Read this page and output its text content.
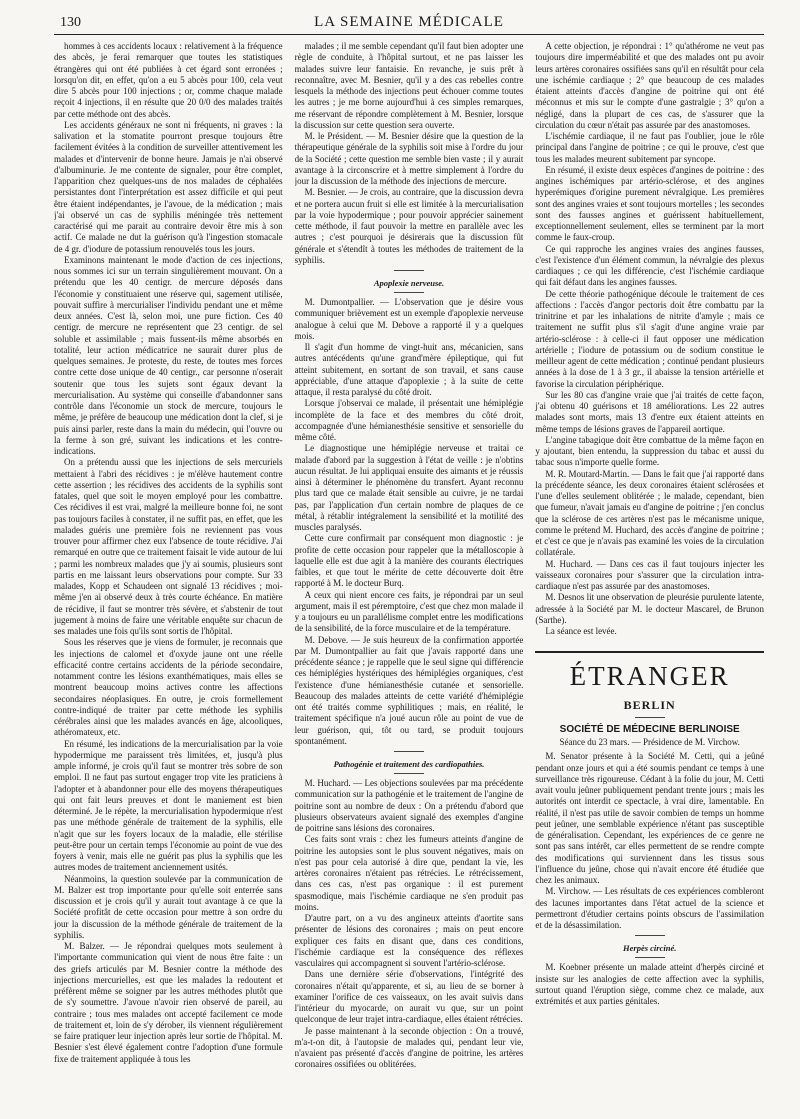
130	LA SEMAINE MÉDICALE

hommes à ces accidents locaux : relativement à la fréquence des abcès, je ferai remarquer que toutes les statistiques étrangères qui ont été publiées à cet égard sont erronées ; lorsqu'on dit, en effet, qu'on a eu 5 abcès pour 100, cela veut dire 5 abcès pour 100 injections ; or, comme chaque malade reçoit 4 injections, il en résulte que 20 0/0 des malades traités par cette méthode ont des abcès.

Les accidents généraux ne sont ni fréquents, ni graves : la salivation et la stomatite pourront presque toujours être facilement évitées à la condition de surveiller attentivement les malades et d'intervenir de bonne heure. Jamais je n'ai observé d'albuminurie. Je me contente de signaler, pour être complet, l'apparition chez quelques-uns de nos malades de céphalées persistantes dont l'interprétation est assez difficile et qui peut être étaient indépendantes, je l'avoue, de la médication ; mais j'ai observé un cas de syphilis méningée très nettement caractérisé qui me parait au contraire devoir être mis à son actif. Ce malade ne dut la guérison qu'à l'ingestion stomacale de 4 gr. d'iodure de potassium renouvelés tous les jours.

Examinons maintenant le mode d'action de ces injections, nous sommes ici sur un terrain singulièrement mouvant. On a prétendu que les 40 centigr. de mercure déposés dans l'économie y constituaient une réserve qui, sagement utilisée, pouvait suffire à mercurialiser l'individu pendant une et même deux années. C'est là, selon moi, une pure fiction. Ces 40 centigr. de mercure ne représentent que 23 centigr. de sel soluble et assimilable ; mais fussent-ils même absorbés en totalité, leur action médicatrice ne saurait durer plus de quelques semaines. Je proteste, du reste, de toutes mes forces contre cette dose unique de 40 centigr., car personne n'oserait soutenir que tous les sujets sont égaux devant la mercurialisation. Au système qui conseille d'abandonner sans contrôle dans l'économie un stock de mercure, toujours le même, je préfère de beaucoup une médication dont la clef, si je puis ainsi parler, reste dans la main du médecin, qui l'ouvre ou la ferme à son gré, suivant les indications et les contre-indications.

On a prétendu aussi que les injections de sels mercuriels mettaient à l'abri des récidives : je m'élève hautement contre cette assertion ; les récidives des accidents de la syphilis sont fatales, quel que soit le moyen employé pour les combattre. Ces récidives il est vrai, malgré la meilleure bonne foi, ne sont pas toujours faciles à constater, il ne suffit pas, en effet, que les malades guéris une première fois ne reviennent pas vous trouver pour affirmer chez eux l'absence de toute récidive. J'ai remarqué en outre que ce traitement faisait le vide autour de lui ; parmi les nombreux malades que j'y ai soumis, plusieurs sont partis en me laissant leurs observations pour compte. Sur 33 malades, Kopp et Schaudeen ont signalé 13 récidives ; moi-même j'en ai observé deux à très courte échéance. En matière de récidive, il faut se montrer très sévère, et s'abstenir de tout jugement à moins de faire une véritable enquête sur chacun de ses malades une fois qu'ils sont sortis de l'hôpital.

Sous les réserves que je viens de formuler, je reconnais que les injections de calomel et d'oxyde jaune ont une réelle efficacité contre certains accidents de la période secondaire, notamment contre les lésions exanthématiques, mais elles se montrent beaucoup moins actives contre les affections secondaires néoplasiques. En outre, je crois formellement contre-indiqué de traiter par cette méthode les syphilis cérébrales ainsi que les malades avancés en âge, alcooliques, athéromateux, etc.

En résumé, les indications de la mercurialisation par la voie hypodermique me paraissent très limitées, et, jusqu'à plus ample informé, je crois qu'il faut se montrer très sobre de son emploi. Il ne faut pas surtout engager trop vite les praticiens à l'adopter et à abandonner pour elle des moyens thérapeutiques qui ont fait leurs preuves et dont le maniement est bien déterminé. Je le répète, la mercurialisation hypodermique n'est pas une méthode générale de traitement de la syphilis, elle n'agit que sur les foyers locaux de la maladie, elle stérilise peut-être pour un certain temps l'économie au point de vue des foyers à venir, mais elle ne guérit pas plus la syphilis que les autres modes de traitement anciennement usités.

Néanmoins, la question soulevée par la communication de M. Balzer est trop importante pour qu'elle soit enterrée sans discussion et je crois qu'il y aurait tout avantage à ce que la Société profitât de cette occasion pour mettre à son ordre du jour la discussion de la méthode générale de traitement de la syphilis.

M. Balzer. — Je répondrai quelques mots seulement à l'importante communication qui vient de nous être faite : un des griefs articulés par M. Besnier contre la méthode des injections mercurielles, est que les malades la redoutent et préfèrent même se soigner par les autres méthodes plutôt que de s'y soumettre. J'avoue n'avoir rien observé de pareil, au contraire ; tous mes malades ont accepté facilement ce mode de traitement et, loin de s'y dérober, ils viennent régulièrement se faire pratiquer leur injection après leur sortie de l'hôpital. M. Besnier s'est élevé également contre l'adoption d'une formule fixe de traitement appliquée à tous les

malades ; il me semble cependant qu'il faut bien adopter une règle de conduite, à l'hôpital surtout, et ne pas laisser les malades suivre leur fantaisie. En revanche, je suis prêt à reconnaître, avec M. Besnier, qu'il y a des cas rebelles contre lesquels la méthode des injections peut échouer comme toutes les autres ; je me borne aujourd'hui à ces simples remarques, me réservant de répondre complètement à M. Besnier, lorsque la discussion sur cette question sera ouverte.

M. le Président. — M. Besnier désire que la question de la thérapeutique générale de la syphilis soit mise à l'ordre du jour de la Société ; cette question me semble bien vaste ; il y aurait avantage à la circonscrire et à mettre simplement à l'ordre du jour la discussion de la méthode des injections de mercure.

M. Besnier. — Je crois, au contraire, que la discussion devra et ne portera aucun fruit si elle est limitée à la mercurialisation par la voie hypodermique ; pour pouvoir apprécier sainement cette méthode, il faut pouvoir la mettre en parallèle avec les autres ; c'est pourquoi je désirerais que la discussion fût générale et s'étendît à toutes les méthodes de traitement de la syphilis.

Apoplexie nerveuse.

M. Dumontpallier. — L'observation que je désire vous communiquer brièvement est un exemple d'apoplexie nerveuse analogue à celui que M. Debove a rapporté il y a quelques mois.

Il s'agit d'un homme de vingt-huit ans, mécanicien, sans autres antécédents qu'une grand'mère épileptique, qui fut atteint subitement, en sortant de son travail, et sans cause appréciable, d'une attaque d'apoplexie ; à la suite de cette attaque, il resta paralysé du côté droit.

Lorsque j'observai ce malade, il présentait une hémiplégie incomplète de la face et des membres du côté droit, accompagnée d'une hémianesthésie sensitive et sensorielle du même côté.

Le diagnostique une hémiplégie nerveuse et traitai ce malade d'abord par la suggestion à l'état de veille : je n'obtins aucun résultat. Je lui appliquai ensuite des aimants et je réussis ainsi à déterminer le phénomène du transfert. Ayant reconnu plus tard que ce malade était sensible au cuivre, je ne tardai pas, par l'application d'un certain nombre de plaques de ce métal, à rétablir intégralement la sensibilité et la motilité des muscles paralysés.

Cette cure confirmait par conséquent mon diagnostic : je profite de cette occasion pour rappeler que la métalloscopie à laquelle elle est due agit à la manière des courants électriques faibles, et que tout le mérite de cette découverte doit être rapporté à M. le docteur Burq.

A ceux qui nient encore ces faits, je répondrai par un seul argument, mais il est péremptoire, c'est que chez mon malade il y a toujours eu un parallélisme complet entre les modifications de la sensibilité, de la force musculaire et de la température.

M. Debove. — Je suis heureux de la confirmation apportée par M. Dumontpallier au fait que j'avais rapporté dans une précédente séance ; je rappelle que le seul signe qui différencie ces hémiplégies hystériques des hémiplégies organiques, c'est l'existence d'une hémianesthésie cutanée et sensorielle. Beaucoup des malades atteints de cette variété d'hémiplégie ont été traités comme syphilitiques ; mais, en réalité, le traitement spécifique n'a joué aucun rôle au point de vue de leur guérison, qui, tôt ou tard, se produit toujours spontanément.

Pathogénie et traitement des cardiopathies.

M. Huchard. — Les objections soulevées par ma précédente communication sur la pathogénie et le traitement de l'angine de poitrine sont au nombre de deux : On a prétendu d'abord que plusieurs observateurs avaient signalé des exemples d'angine de poitrine sans lésions des coronaires.

Ces faits sont vrais : chez les fumeurs atteints d'angine de poitrine les autopsies sont le plus souvent négatives, mais on n'est pas pour cela autorisé à dire que, pendant la vie, les artères coronaires n'étaient pas rétrécies. Le rétrécissement, dans ces cas, n'est pas organique : il est purement spasmodique, mais l'ischémie cardiaque ne s'en produit pas moins.

D'autre part, on a vu des angineux atteints d'aortite sans présenter de lésions des coronaires ; mais on peut encore expliquer ces faits en disant que, dans ces conditions, l'ischémie cardiaque est la conséquence des réflexes vasculaires qui accompagnent si souvent l'artério-sclérose.

Dans une dernière série d'observations, l'intégrité des coronaires n'était qu'apparente, et si, au lieu de se borner à examiner l'orifice de ces vaisseaux, on les avait suivis dans l'intérieur du myocarde, on aurait vu que, sur un point quelconque de leur trajet intra-cardiaque, elles étaient rétrécies.

Je passe maintenant à la seconde objection : On a trouvé, m'a-t-on dit, à l'autopsie de malades qui, pendant leur vie, n'avaient pas présenté d'accès d'angine de poitrine, les artères coronaires ossifiées ou oblitérées.

A cette objection, je répondrai : 1° qu'athérome ne veut pas toujours dire imperméabilité et que des malades ont pu avoir leurs artères coronaires ossifiées sans qu'il en résultât pour cela une ischémie cardiaque ; 2° que beaucoup de ces malades étaient atteints d'accès d'angine de poitrine qui ont été méconnus et mis sur le compte d'une gastralgie ; 3° qu'on a négligé, dans la plupart de ces cas, de s'assurer que la circulation du cœur n'était pas assurée par des anastomoses.

L'ischémie cardiaque, il ne faut pas l'oublier, joue le rôle principal dans l'angine de poitrine ; ce qui le prouve, c'est que tous les malades meurent subitement par syncope.

En résumé, il existe deux espèces d'angines de poitrine : des angines ischémiques par artério-sclérose, et des angines hyperémiques d'origine purement névralgique. Les premières sont des angines vraies et sont toujours mortelles ; les secondes sont des fausses angines et guérissent habituellement, exceptionnellement seulement, elles se terminent par la mort comme le faux-croup.

Ce qui rapproche les angines vraies des angines fausses, c'est l'existence d'un élément commun, la névralgie des plexus cardiaques ; ce qui les différencie, c'est l'ischémie cardiaque qui fait défaut dans les angines fausses.

De cette théorie pathogénique découle le traitement de ces affections : l'accès d'angor pectoris doit être combattu par la trinitrine et par les inhalations de nitrite d'amyle ; mais ce traitement ne suffit plus s'il s'agit d'une angine vraie par artério-sclérose : à celle-ci il faut opposer une médication artérielle ; l'iodure de potassium ou de sodium constitue le meilleur agent de cette médication ; continué pendant plusieurs années à la dose de 1 à 3 gr., il abaisse la tension artérielle et favorise la circulation périphérique.

Sur les 80 cas d'angine vraie que j'ai traités de cette façon, j'ai obtenu 40 guérisons et 18 améliorations. Les 22 autres malades sont morts, mais 13 d'entre eux étaient atteints en même temps de lésions graves de l'appareil aortique.

L'angine tabagique doit être combattue de la même façon en y ajoutant, bien entendu, la suppression du tabac et aussi du tabac sous n'importe quelle forme.

M. R. Moutard-Martin. — Dans le fait que j'ai rapporté dans la précédente séance, les deux coronaires étaient sclérosées et l'une d'elles seulement oblitérée ; le malade, cependant, bien que fumeur, n'avait jamais eu d'angine de poitrine ; j'en conclus que la sclérose de ces artères n'est pas le mécanisme unique, comme le prétend M. Huchard, des accès d'angine de poitrine ; et c'est ce que je n'avais pas examiné les voies de la circulation collatérale.

M. Huchard. — Dans ces cas il faut toujours injecter les vaisseaux coronaires pour s'assurer que la circulation intra-cardiaque n'est pas assurée par des anastomoses.

M. Desnos lit une observation de pleurésie purulente latente, adressée à la Société par M. le docteur Mascarel, de Brunon (Sarthe).

La séance est levée.

ÉTRANGER
BERLIN
SOCIÉTÉ DE MÉDECINE BERLINOISE
Séance du 23 mars. — Présidence de M. Virchow.

M. Senator présente à la Société M. Cetti, qui a jeûné pendant onze jours et qui a été soumis pendant ce temps à une surveillance très rigoureuse. Cédant à la folie du jour, M. Cetti avait voulu jeûner publiquement pendant trente jours ; mais les autorités ont interdit ce spectacle, à vrai dire, lamentable. En réalité, il n'est pas utile de savoir combien de temps un homme peut jeûner, une semblable expérience n'étant pas susceptible de généralisation. Cependant, les expériences de ce genre ne sont pas sans intérêt, car elles permettent de se rendre compte des modifications qui surviennent dans les tissus sous l'influence du jeûne, chose qui n'avait encore été étudiée que chez les animaux.

M. Virchow. — Les résultats de ces expériences combleront des lacunes importantes dans l'état actuel de la science et permettront d'étudier certains points obscurs de l'assimilation et de la désassimilation.

Herpès circiné.

M. Koebner présente un malade atteint d'herpès circiné et insiste sur les analogies de cette affection avec la syphilis, surtout quand l'éruption siège, comme chez ce malade, aux extrémités et aux parties génitales.
